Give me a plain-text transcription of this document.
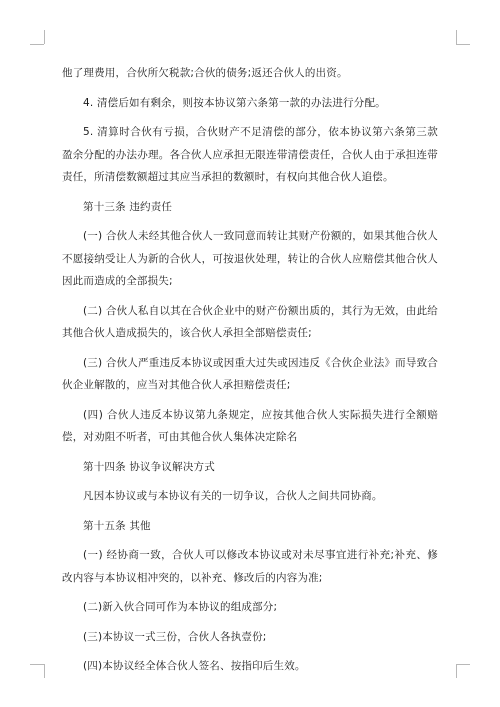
他了理费用，合伙所欠税款;合伙的债务;返还合伙人的出资。

4. 清偿后如有剩余，则按本协议第六条第一款的办法进行分配。

5. 清算时合伙有亏损，合伙财产不足清偿的部分，依本协议第六条第三款盈余分配的办法办理。各合伙人应承担无限连带清偿责任，合伙人由于承担连带责任，所清偿数额超过其应当承担的数额时，有权向其他合伙人追偿。

第十三条 违约责任

(一) 合伙人未经其他合伙人一致同意而转让其财产份额的，如果其他合伙人不愿接纳受让人为新的合伙人，可按退伙处理，转让的合伙人应赔偿其他合伙人因此而造成的全部损失;

(二) 合伙人私自以其在合伙企业中的财产份额出质的，其行为无效，由此给其他合伙人造成损失的，该合伙人承担全部赔偿责任;

(三) 合伙人严重违反本协议或因重大过失或因违反《合伙企业法》而导致合伙企业解散的，应当对其他合伙人承担赔偿责任;

(四) 合伙人违反本协议第九条规定，应按其他合伙人实际损失进行全额赔偿，对劝阻不听者，可由其他合伙人集体决定除名

第十四条 协议争议解决方式

凡因本协议或与本协议有关的一切争议，合伙人之间共同协商。

第十五条 其他

(一) 经协商一致，合伙人可以修改本协议或对未尽事宜进行补充;补充、修改内容与本协议相冲突的，以补充、修改后的内容为准;

(二)新入伙合同可作为本协议的组成部分;

(三)本协议一式三份，合伙人各执壹份;

(四)本协议经全体合伙人签名、按指印后生效。
